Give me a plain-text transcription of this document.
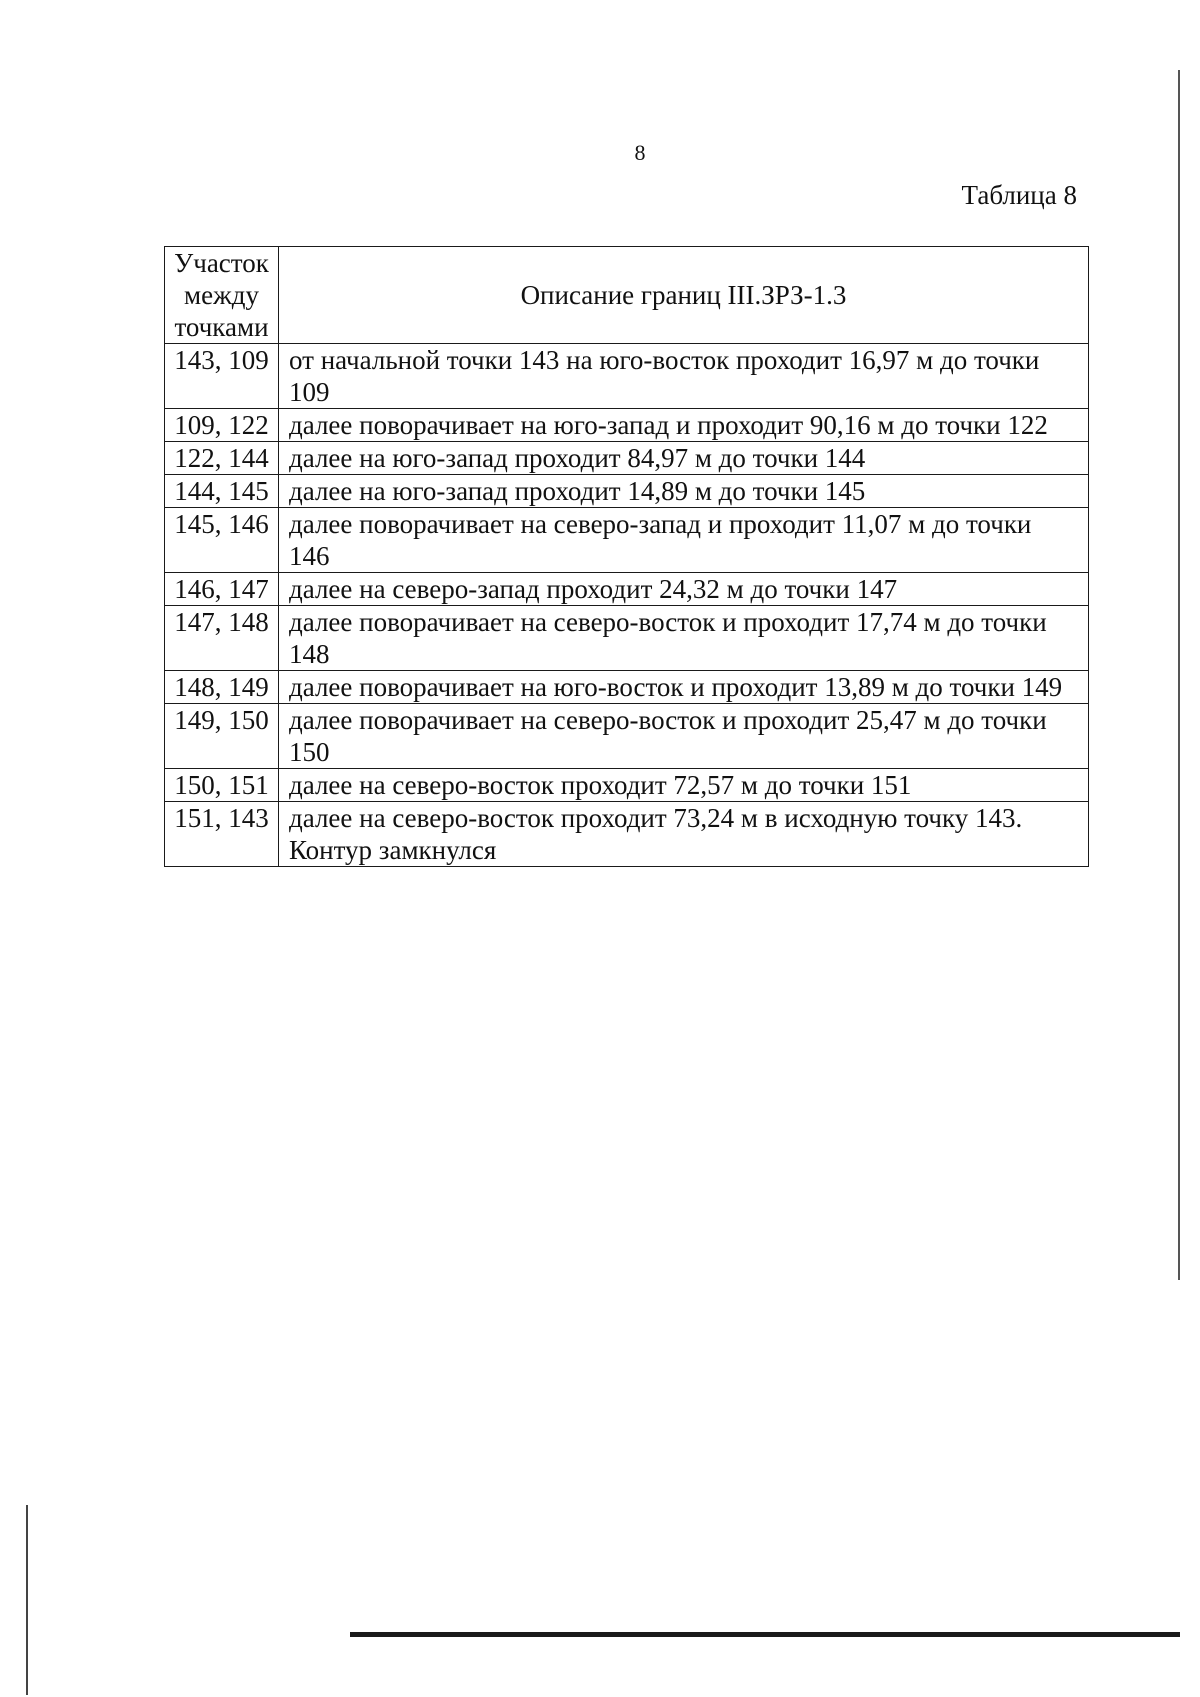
8
Таблица 8
Участок между точками	Описание границ III.ЗРЗ-1.3
143, 109	от начальной точки 143 на юго-восток проходит 16,97 м до точки 109
109, 122	далее поворачивает на юго-запад и проходит 90,16 м до точки 122
122, 144	далее на юго-запад проходит 84,97 м до точки 144
144, 145	далее на юго-запад проходит 14,89 м до точки 145
145, 146	далее поворачивает на северо-запад и проходит 11,07 м до точки 146
146, 147	далее на северо-запад проходит 24,32 м до точки 147
147, 148	далее поворачивает на северо-восток и проходит 17,74 м до точки 148
148, 149	далее поворачивает на юго-восток и проходит 13,89 м до точки 149
149, 150	далее поворачивает на северо-восток и проходит 25,47 м до точки 150
150, 151	далее на северо-восток проходит 72,57 м до точки 151
151, 143	далее на северо-восток проходит 73,24 м в исходную точку 143. Контур замкнулся
